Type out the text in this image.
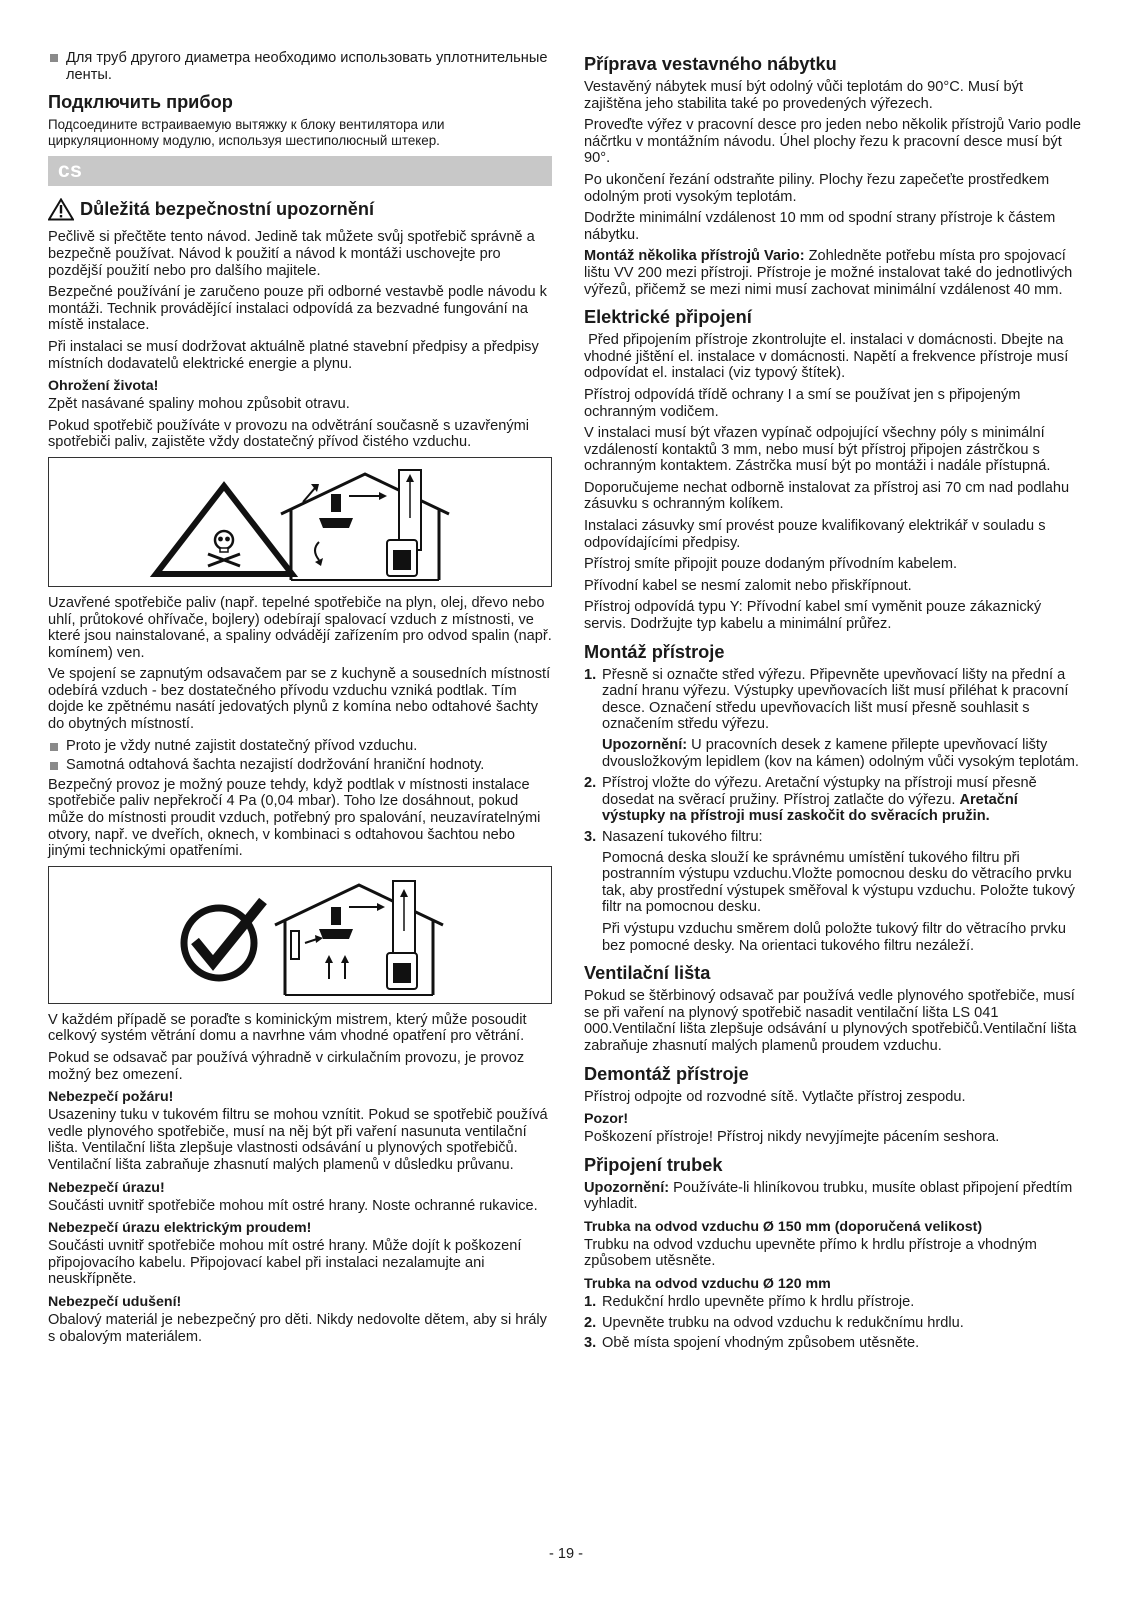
Для труб другого диаметра необходимо использовать уплотнительные ленты.
Подключить прибор

Подсоедините встраиваемую вытяжку к блоку вентилятора или циркуляционному модулю, используя шестиполюсный штекер.

cs
Důležitá bezpečnostní upozornění

Pečlivě si přečtěte tento návod. Jedině tak můžete svůj spotřebič správně a bezpečně používat. Návod k použití a návod k montáži uschovejte pro pozdější použití nebo pro dalšího majitele.

Bezpečné používání je zaručeno pouze při odborné vestavbě podle návodu k montáži. Technik provádějící instalaci odpovídá za bezvadné fungování na místě instalace.

Při instalaci se musí dodržovat aktuálně platné stavební předpisy a předpisy místních dodavatelů elektrické energie a plynu.

Ohrožení života!

Zpět nasávané spaliny mohou způsobit otravu.

Pokud spotřebič používáte v provozu na odvětrání současně s uzavřenými spotřebiči paliv, zajistěte vždy dostatečný přívod čistého vzduchu.

Uzavřené spotřebiče paliv (např. tepelné spotřebiče na plyn, olej, dřevo nebo uhlí, průtokové ohřívače, bojlery) odebírají spalovací vzduch z místnosti, ve které jsou nainstalované, a spaliny odvádějí zařízením pro odvod spalin (např. komínem) ven.

Ve spojení se zapnutým odsavačem par se z kuchyně a sousedních místností odebírá vzduch - bez dostatečného přívodu vzduchu vzniká podtlak. Tím dojde ke zpětnému nasátí jedovatých plynů z komína nebo odtahové šachty do obytných místností.

Proto je vždy nutné zajistit dostatečný přívod vzduchu.
Samotná odtahová šachta nezajistí dodržování hraniční hodnoty.

Bezpečný provoz je možný pouze tehdy, když podtlak v místnosti instalace spotřebiče paliv nepřekročí 4 Pa (0,04 mbar). Toho lze dosáhnout, pokud může do místnosti proudit vzduch, potřebný pro spalování, neuzavíratelnými otvory, např. ve dveřích, oknech, v kombinaci s odtahovou šachtou nebo jinými technickými opatřeními.

V každém případě se poraďte s kominickým mistrem, který může posoudit celkový systém větrání domu a navrhne vám vhodné opatření pro větrání.

Pokud se odsavač par používá výhradně v cirkulačním provozu, je provoz možný bez omezení.

Nebezpečí požáru!

Usazeniny tuku v tukovém filtru se mohou vznítit. Pokud se spotřebič používá vedle plynového spotřebiče, musí na něj být při vaření nasunuta ventilační lišta. Ventilační lišta zlepšuje vlastnosti odsávání u plynových spotřebičů. Ventilační lišta zabraňuje zhasnutí malých plamenů v důsledku průvanu.

Nebezpečí úrazu!

Součásti uvnitř spotřebiče mohou mít ostré hrany. Noste ochranné rukavice.

Nebezpečí úrazu elektrickým proudem!

Součásti uvnitř spotřebiče mohou mít ostré hrany. Může dojít k poškození připojovacího kabelu. Připojovací kabel při instalaci nezalamujte ani neuskřípněte.

Nebezpečí udušení!

Obalový materiál je nebezpečný pro děti. Nikdy nedovolte dětem, aby si hrály s obalovým materiálem.

Příprava vestavného nábytku

Vestavěný nábytek musí být odolný vůči teplotám do 90°C. Musí být zajištěna jeho stabilita také po provedených výřezech.

Proveďte výřez v pracovní desce pro jeden nebo několik přístrojů Vario podle náčrtku v montážním návodu. Úhel plochy řezu k pracovní desce musí být 90°.

Po ukončení řezání odstraňte piliny. Plochy řezu zapečeťte prostředkem odolným proti vysokým teplotám.

Dodržte minimální vzdálenost 10 mm od spodní strany přístroje k částem nábytku.

Montáž několika přístrojů Vario: Zohledněte potřebu místa pro spojovací lištu VV 200 mezi přístroji. Přístroje je možné instalovat také do jednotlivých výřezů, přičemž se mezi nimi musí zachovat minimální vzdálenost 40 mm.

Elektrické připojení

Před připojením přístroje zkontrolujte el. instalaci v domácnosti. Dbejte na vhodné jištění el. instalace v domácnosti. Napětí a frekvence přístroje musí odpovídat el. instalaci (viz typový štítek).

Přístroj odpovídá třídě ochrany I a smí se používat jen s připojeným ochranným vodičem.

V instalaci musí být vřazen vypínač odpojující všechny póly s minimální vzdáleností kontaktů 3 mm, nebo musí být přístroj připojen zástrčkou s ochranným kontaktem. Zástrčka musí být po montáži i nadále přístupná.

Doporučujeme nechat odborně instalovat za přístroj asi 70 cm nad podlahu zásuvku s ochranným kolíkem.

Instalaci zásuvky smí provést pouze kvalifikovaný elektrikář v souladu s odpovídajícími předpisy.

Přístroj smíte připojit pouze dodaným přívodním kabelem.

Přívodní kabel se nesmí zalomit nebo přiskřípnout.

Přístroj odpovídá typu Y: Přívodní kabel smí vyměnit pouze zákaznický servis. Dodržujte typ kabelu a minimální průřez.

Montáž přístroje
1. Přesně si označte střed výřezu. Připevněte upevňovací lišty na přední a zadní hranu výřezu. Výstupky upevňovacích lišt musí přiléhat k pracovní desce. Označení středu upevňovacích lišt musí přesně souhlasit s označením středu výřezu.

Upozornění: U pracovních desek z kamene přilepte upevňovací lišty dvousložkovým lepidlem (kov na kámen) odolným vůči vysokým teplotám.

2. Přístroj vložte do výřezu. Aretační výstupky na přístroji musí přesně dosedat na svěrací pružiny. Přístroj zatlačte do výřezu. Aretační výstupky na přístroji musí zaskočit do svěracích pružin.
3. Nasazení tukového filtru:

Pomocná deska slouží ke správnému umístění tukového filtru při postranním výstupu vzduchu.Vložte pomocnou desku do větracího prvku tak, aby prostřední výstupek směřoval k výstupu vzduchu. Položte tukový filtr na pomocnou desku.

Při výstupu vzduchu směrem dolů položte tukový filtr do větracího prvku bez pomocné desky. Na orientaci tukového filtru nezáleží.

Ventilační lišta

Pokud se štěrbinový odsavač par používá vedle plynového spotřebiče, musí se při vaření na plynový spotřebič nasadit ventilační lišta LS 041 000.Ventilační lišta zlepšuje odsávání u plynových spotřebičů.Ventilační lišta zabraňuje zhasnutí malých plamenů proudem vzduchu.

Demontáž přístroje

Přístroj odpojte od rozvodné sítě. Vytlačte přístroj zespodu.

Pozor!

Poškození přístroje! Přístroj nikdy nevyjímejte pácením seshora.

Připojení trubek

Upozornění: Používáte-li hliníkovou trubku, musíte oblast připojení předtím vyhladit.

Trubka na odvod vzduchu Ø 150 mm (doporučená velikost)

Trubku na odvod vzduchu upevněte přímo k hrdlu přístroje a vhodným způsobem utěsněte.

Trubka na odvod vzduchu Ø 120 mm
1. Redukční hrdlo upevněte přímo k hrdlu přístroje.
2. Upevněte trubku na odvod vzduchu k redukčnímu hrdlu.
3. Obě místa spojení vhodným způsobem utěsněte.
- 19 -
